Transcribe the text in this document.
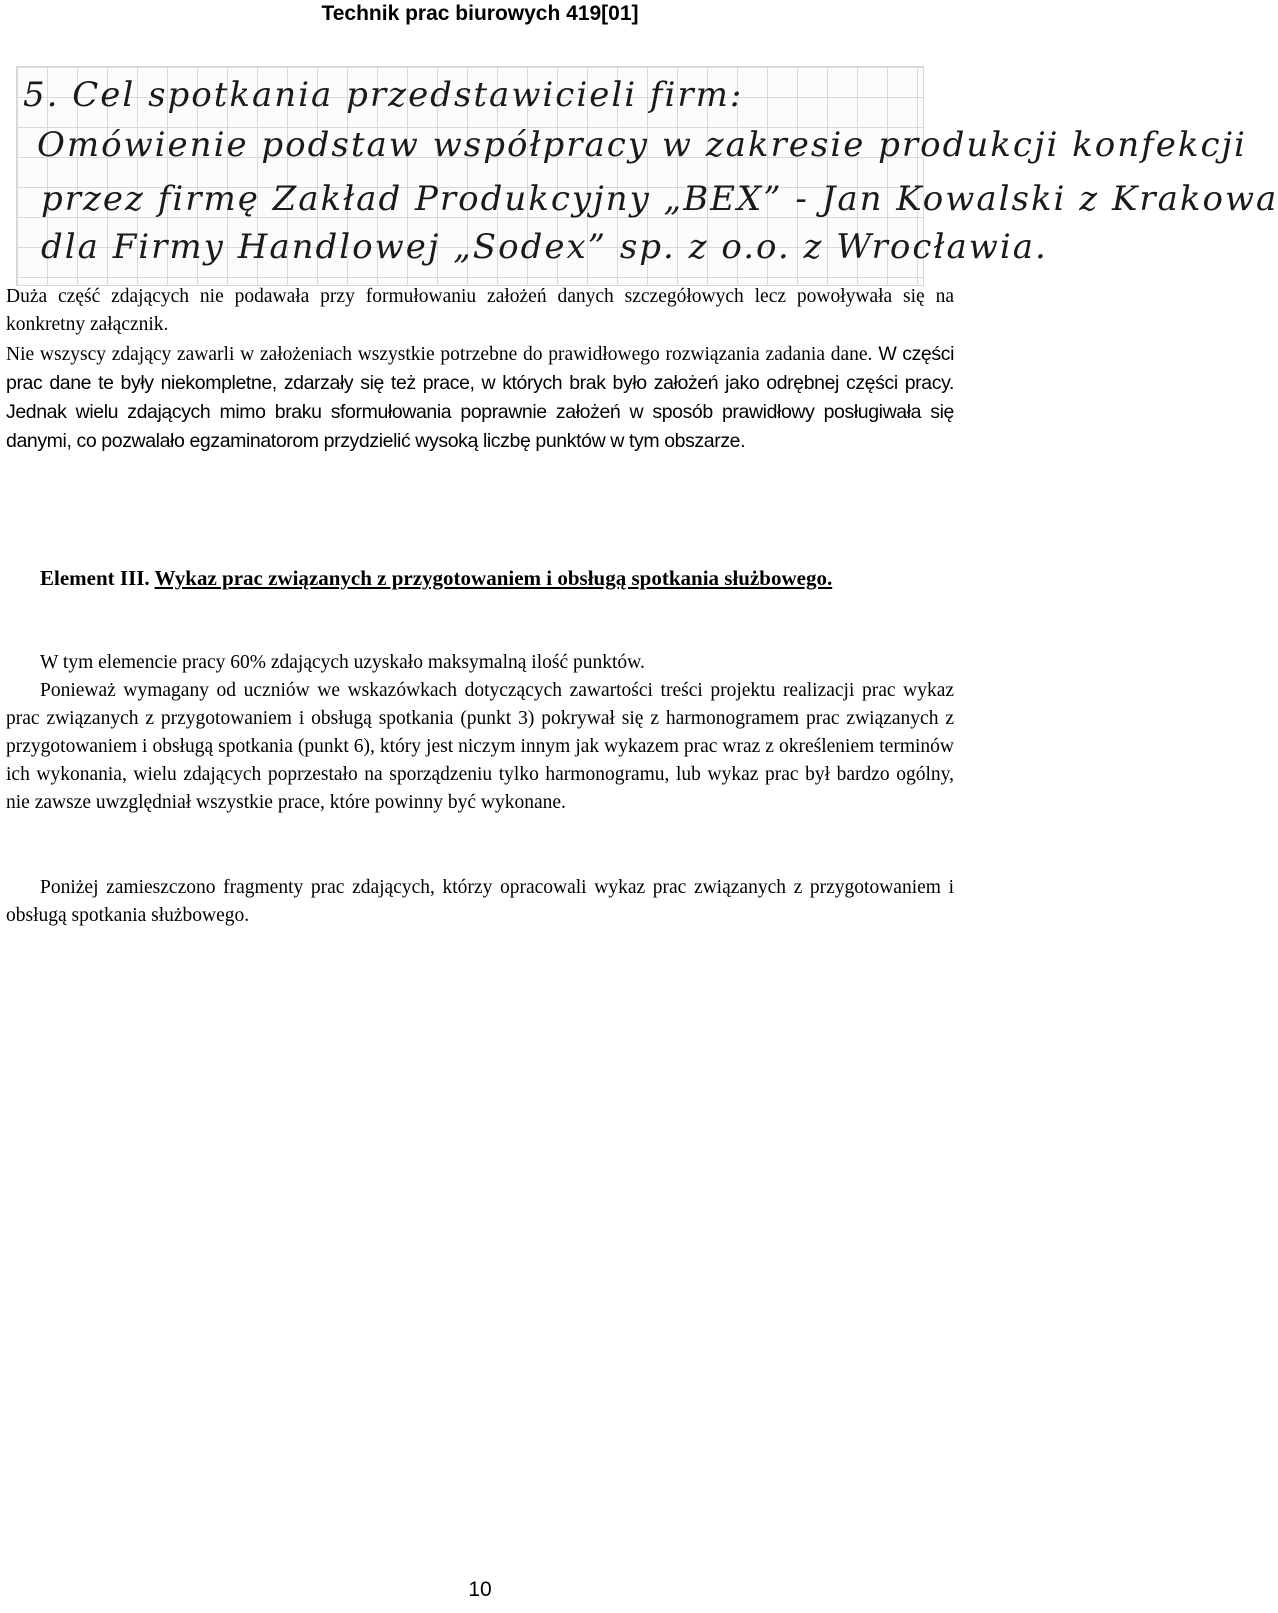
Technik prac biurowych 419[01]
5. Cel spotkania przedstawicieli firm:
Omówienie podstaw współpracy w zakresie produkcji konfekcji
przez firmę Zakład Produkcyjny „BEX” - Jan Kowalski z Krakowa
dla Firmy Handlowej „Sodex” sp. z o.o. z Wrocławia.

Duża część zdających nie podawała przy formułowaniu założeń danych szczegółowych lecz powoływała się na konkretny załącznik.

Nie wszyscy zdający zawarli w założeniach wszystkie potrzebne do prawidłowego rozwiązania zadania dane. W części prac dane te były niekompletne, zdarzały się też prace, w których brak było założeń jako odrębnej części pracy. Jednak wielu zdających mimo braku sformułowania poprawnie założeń w sposób prawidłowy posługiwała się danymi, co pozwalało egzaminatorom przydzielić wysoką liczbę punktów w tym obszarze.

Element III. Wykaz prac związanych z przygotowaniem i obsługą spotkania służbowego.

W tym elemencie pracy 60% zdających uzyskało maksymalną ilość punktów.

Ponieważ wymagany od uczniów we wskazówkach dotyczących zawartości treści projektu realizacji prac wykaz prac związanych z przygotowaniem i obsługą spotkania (punkt 3) pokrywał się z harmonogramem prac związanych z przygotowaniem i obsługą spotkania (punkt 6), który jest niczym innym jak wykazem prac wraz z określeniem terminów ich wykonania, wielu zdających poprzestało na sporządzeniu tylko harmonogramu, lub wykaz prac był bardzo ogólny, nie zawsze uwzględniał wszystkie prace, które powinny być wykonane.

Poniżej zamieszczono fragmenty prac zdających, którzy opracowali wykaz prac związanych z przygotowaniem i obsługą spotkania służbowego.

10
